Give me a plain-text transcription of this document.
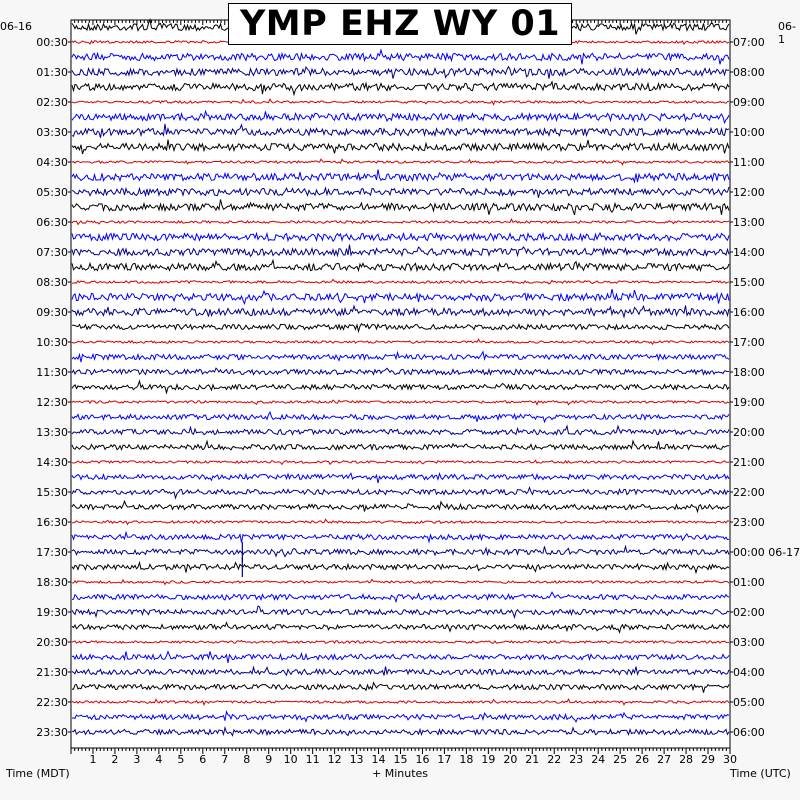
00:30
01:30
02:30
03:30
04:30
05:30
06:30
07:30
08:30
09:30
10:30
11:30
12:30
13:30
14:30
15:30
16:30
17:30
18:30
19:30
20:30
21:30
22:30
23:30
07:00
08:00
09:00
10:00
11:00
12:00
13:00
14:00
15:00
16:00
17:00
18:00
19:00
20:00
21:00
22:00
23:00
00:00 06-17
01:00
02:00
03:00
04:00
05:00
06:00
1 2 3 4 5 6 7 8 9 10 11 12 13 14 15 16 17 18 19 20 21 22 23 24 25 26 27 28 29 30
YMP EHZ WY 01
06-16	06-1
Time (MDT)	+ Minutes	Time (UTC)
